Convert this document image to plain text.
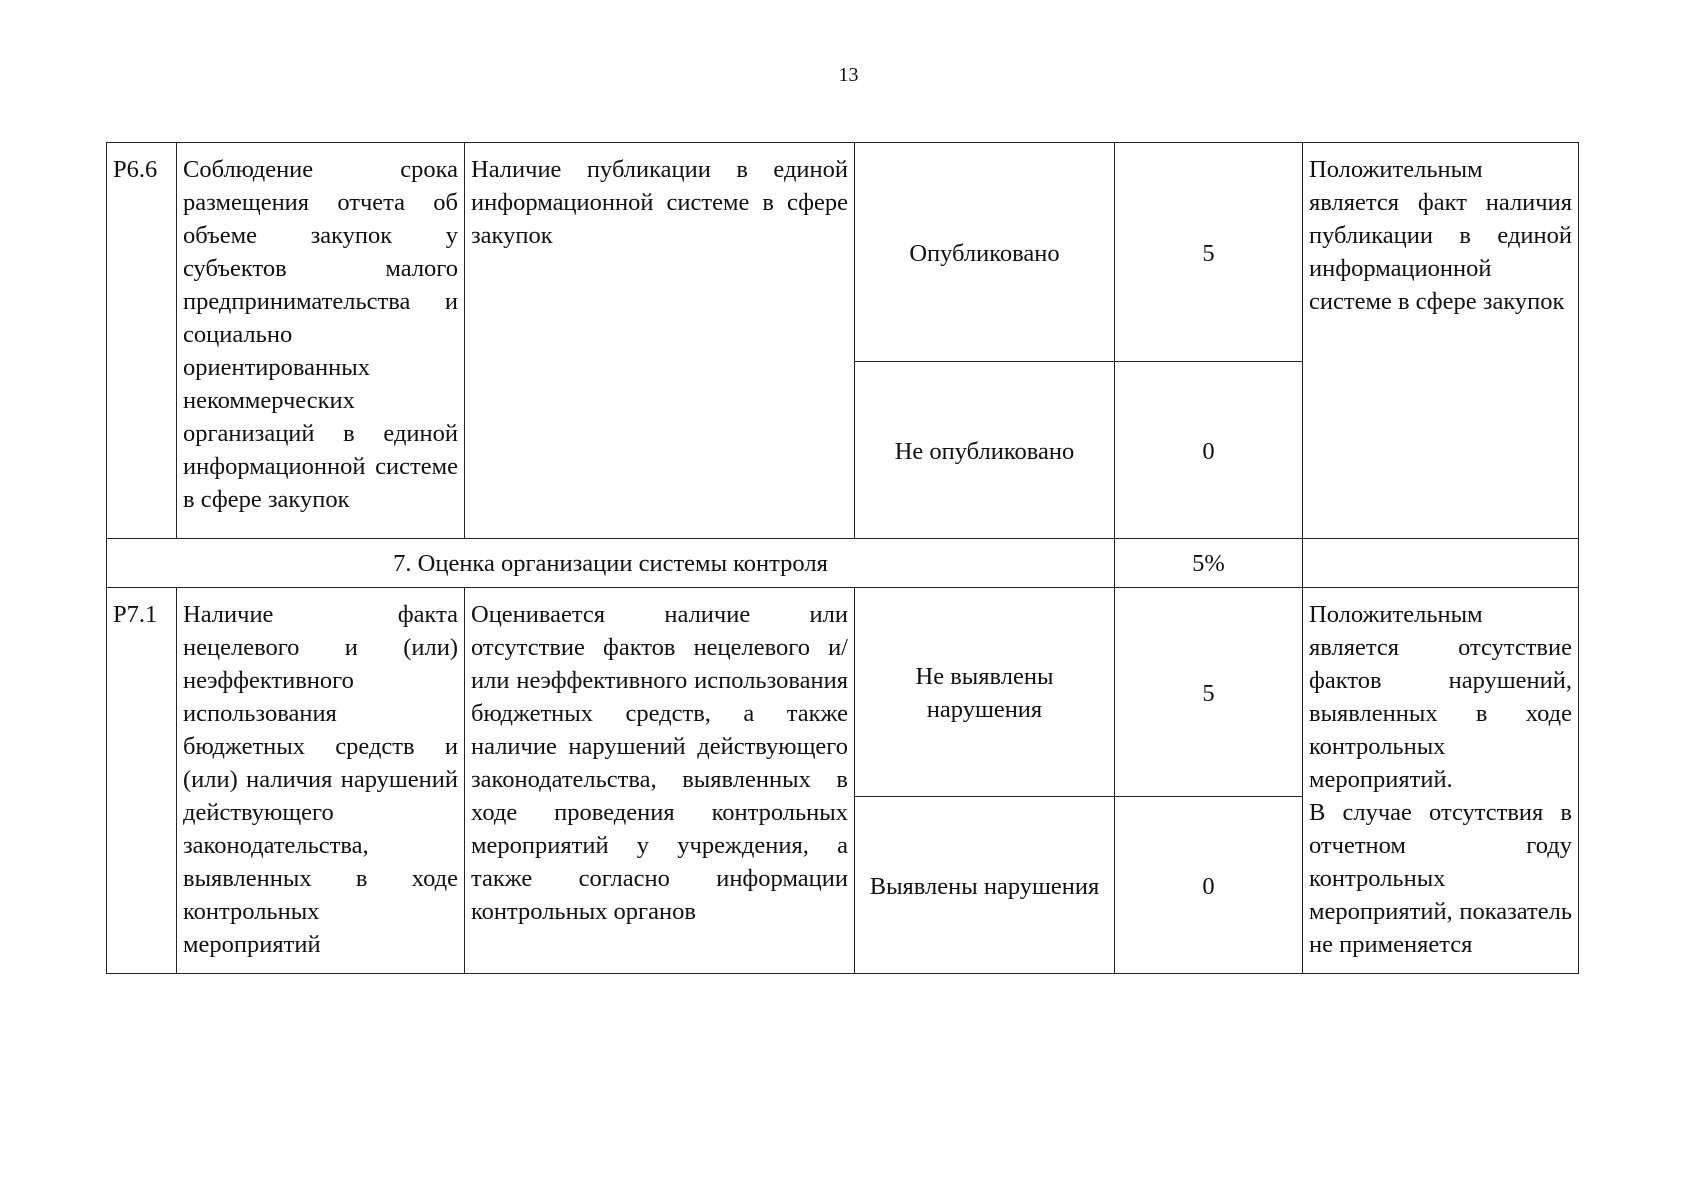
13
Р6.6	Соблюдение срока размещения отчета об объеме закупок у субъектов малого предпринимательства и социально ориентированных некоммерческих организаций в единой информационной системе в сфере закупок	Наличие публикации в единой информационной системе в сфере закупок	Опубликовано	5	Положительным является факт наличия публикации в единой информационной системе в сфере закупок
			Не опубликовано	0	
7. Оценка организации системы контроля				5%	
Р7.1	Наличие факта нецелевого и (или) неэффективного использования бюджетных средств и (или) наличия нарушений действующего законодательства, выявленных в ходе контрольных мероприятий	Оценивается наличие или отсутствие фактов нецелевого и/или неэффективного использования бюджетных средств, а также наличие нарушений действующего законодательства, выявленных в ходе проведения контрольных мероприятий у учреждения, а также согласно информации контрольных органов	Не выявлены нарушения	5	Положительным является отсутствие фактов нарушений, выявленных в ходе контрольных мероприятий.
В случае отсутствия в отчетном году контрольных мероприятий, показатель не применяется

			Выявлены нарушения	0	
